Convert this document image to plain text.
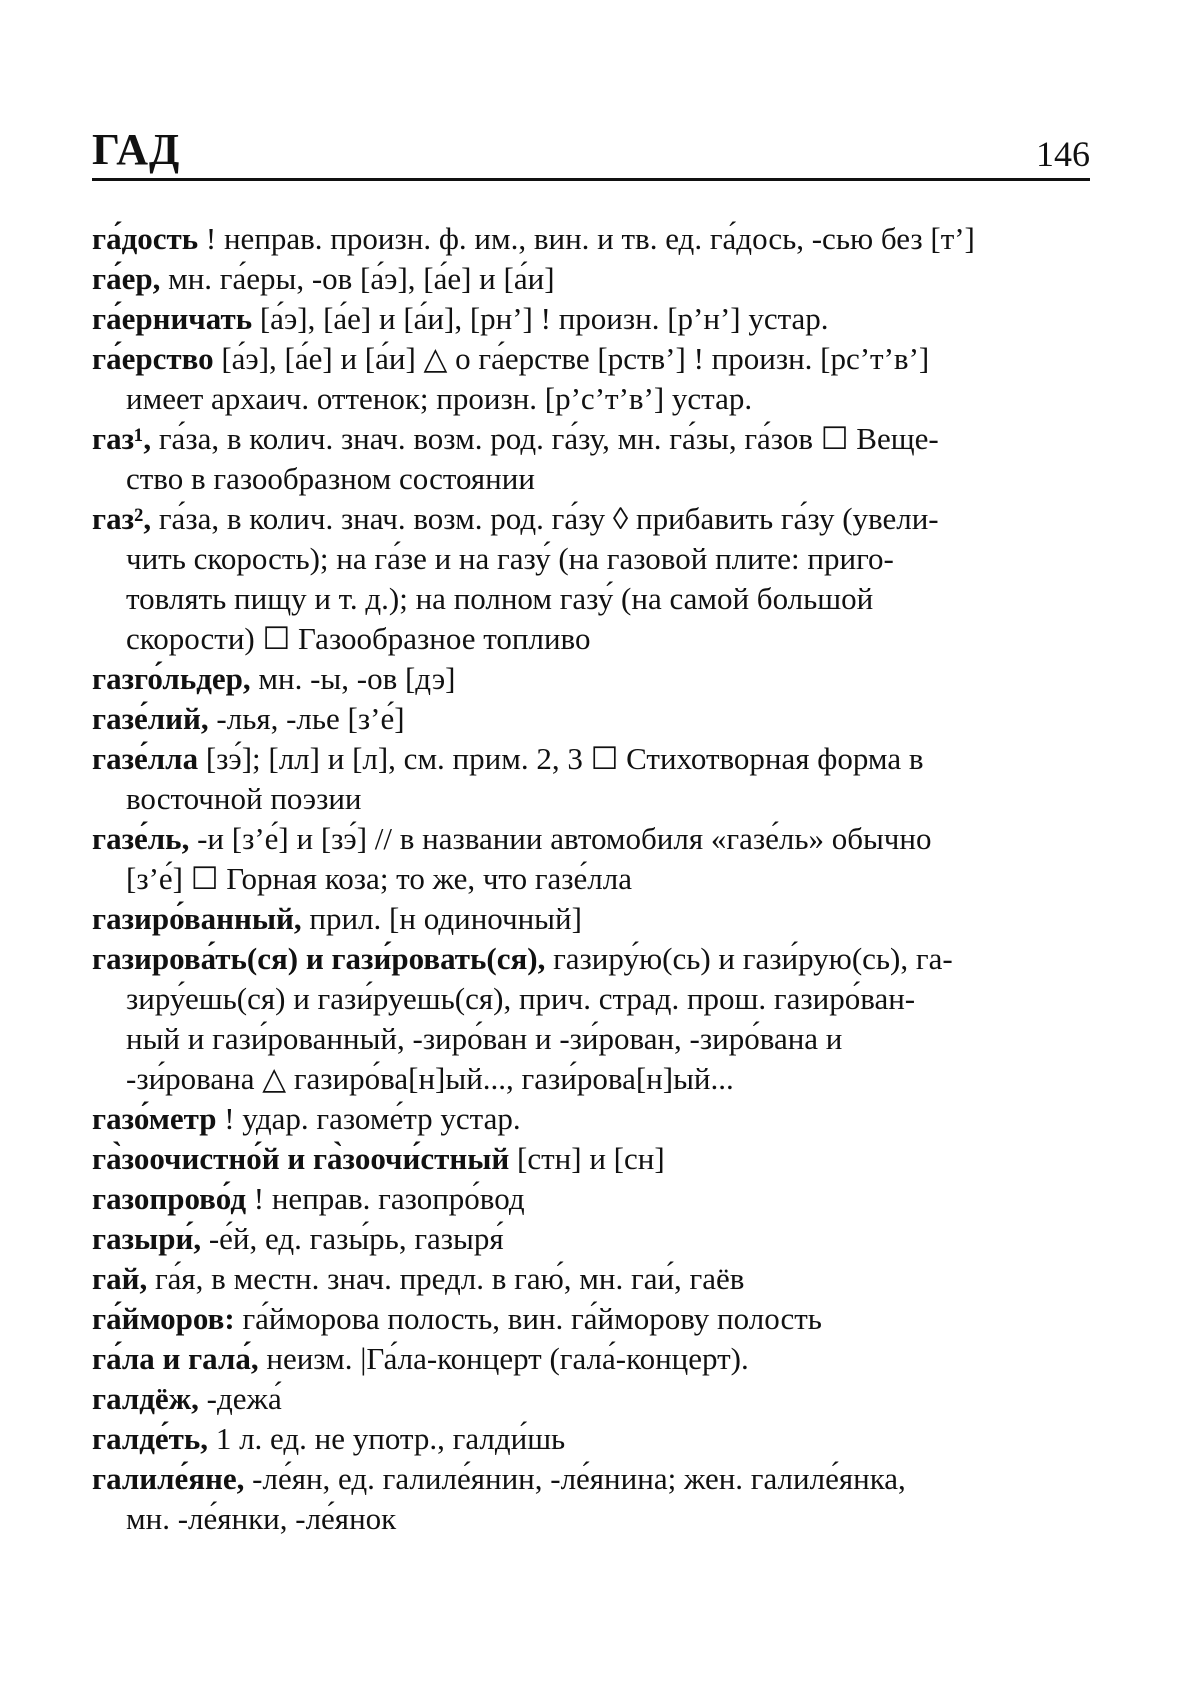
ГАД	146
га́дость ! неправ. произн. ф. им., вин. и тв. ед. га́дось, -сью без [т’]
га́ер, мн. га́еры, -ов [а́э], [а́е] и [а́и]
га́ерничать [а́э], [а́е] и [а́и], [рн’] ! произн. [р’н’] устар.
га́ерство [а́э], [а́е] и [а́и] △ о га́ерстве [рств’] ! произн. [рс’т’в’]
имеет архаич. оттенок; произн. [р’с’т’в’] устар.
газ¹, га́за, в колич. знач. возм. род. га́зу, мн. га́зы, га́зов ☐ Веще-
ство в газообразном состоянии
газ², га́за, в колич. знач. возм. род. га́зу ◊ прибавить га́зу (увели-
чить скорость); на га́зе и на газу́ (на газовой плите: приго-
товлять пищу и т. д.); на полном газу́ (на самой большой
скорости) ☐ Газообразное топливо
газго́льдер, мн. -ы, -ов [дэ]
газе́лий, -лья, -лье [з’е́]
газе́лла [зэ́]; [лл] и [л], см. прим. 2, 3 ☐ Стихотворная форма в
восточной поэзии
газе́ль, -и [з’е́] и [зэ́] // в названии автомобиля «газе́ль» обычно
[з’е́] ☐ Горная коза; то же, что газе́лла
газиро́ванный, прил. [н одиночный]
газирова́ть(ся) и гази́ровать(ся), газиру́ю(сь) и гази́рую(сь), га-
зиру́ешь(ся) и гази́руешь(ся), прич. страд. прош. газиро́ван-
ный и гази́рованный, -зиро́ван и -зи́рован, -зиро́вана и
-зи́рована △ газиро́ва[н]ый..., гази́рова[н]ый...
газо́метр ! удар. газоме́тр устар.
га̀зоочистно́й и га̀зоочи́стный [стн] и [сн]
газопрово́д ! неправ. газопро́вод
газыри́, -е́й, ед. газы́рь, газыря́
гай, га́я, в местн. знач. предл. в гаю́, мн. гаи́, гаёв
га́йморов: га́йморова полость, вин. га́йморову полость
га́ла и гала́, неизм. |Га́ла-концерт (гала́-концерт).
галдёж, -дежа́
галде́ть, 1 л. ед. не употр., галди́шь
галиле́яне, -ле́ян, ед. галиле́янин, -ле́янина; жен. галиле́янка,
мн. -ле́янки, -ле́янок
